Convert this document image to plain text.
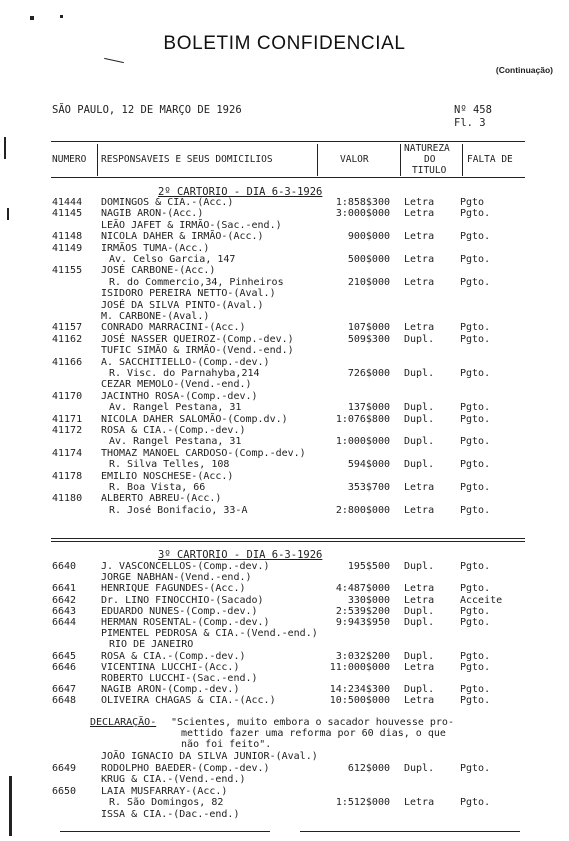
BOLETIM CONFIDENCIAL
(Continuação)
SÃO PAULO, 12 DE MARÇO DE 1926	Nº 458
Fl. 3
NUMERO RESPONSAVEIS E SEUS DOMICILIOS	VALOR
NATUREZA
DO
TITULO
FALTA DE
2º CARTORIO - DIA 6-3-1926
41444 DOMINGOS & CIA.-(Acc.)	1:858$300 Letra	Pgto
41145 NAGIB ARON-(Acc.)	3:000$000 Letra	Pgto.
LEÃO JAFET & IRMÃO-(Sac.-end.)
41148 NICOLA DAHER & IRMÃO-(Acc.)	900$000 Letra	Pgto.
41149 IRMÃOS TUMA-(Acc.)
Av. Celso Garcia, 147	500$000 Letra	Pgto.
41155 JOSÉ CARBONE-(Acc.)
R. do Commercio,34, Pinheiros	210$000 Letra	Pgto.
ISIDORO PEREIRA NETTO-(Aval.)
JOSÉ DA SILVA PINTO-(Aval.)
M. CARBONE-(Aval.)
41157 CONRADO MARRACINI-(Acc.)	107$000 Letra	Pgto.
41162 JOSÉ NASSER QUEIROZ-(Comp.-dev.)	509$300 Dupl.	Pgto.
TUFIC SIMÃO & IRMÃO-(Vend.-end.)
41166 A. SACCHITIELLO-(Comp.-dev.)
R. Visc. do Parnahyba,214	726$000 Dupl.	Pgto.
CEZAR MEMOLO-(Vend.-end.)
41170 JACINTHO ROSA-(Comp.-dev.)
Av. Rangel Pestana, 31	137$000 Dupl.	Pgto.
41171 NICOLA DAHER SALOMÃO-(Comp.dv.)	1:076$800 Dupl.	Pgto.
41172 ROSA & CIA.-(Comp.-dev.)
Av. Rangel Pestana, 31	1:000$000 Dupl.	Pgto.
41174 THOMAZ MANOEL CARDOSO-(Comp.-dev.)
R. Silva Telles, 108	594$000 Dupl.	Pgto.
41178 EMILIO NOSCHESE-(Acc.)
R. Boa Vista, 66	353$700 Letra	Pgto.
41180 ALBERTO ABREU-(Acc.)
R. José Bonifacio, 33-A	2:800$000 Letra	Pgto.
3º CARTORIO - DIA 6-3-1926
6640 J. VASCONCELLOS-(Comp.-dev.)	195$500 Dupl.	Pgto.
JORGE NABHAN-(Vend.-end.)
6641 HENRIQUE FAGUNDES-(Acc.)	4:487$000 Letra	Pgto.
6642 Dr. LINO FINOCCHIO-(Sacado)	330$000 Letra	Acceite
6643 EDUARDO NUNES-(Comp.-dev.)	2:539$200 Dupl.	Pgto.
6644 HERMAN ROSENTAL-(Comp.-dev.)	9:943$950 Dupl.	Pgto.
PIMENTEL PEDROSA & CIA.-(Vend.-end.)
RIO DE JANEIRO
6645 ROSA & CIA.-(Comp.-dev.)	3:032$200 Dupl.	Pgto.
6646 VICENTINA LUCCHI-(Acc.)	11:000$000 Letra	Pgto.
ROBERTO LUCCHI-(Sac.-end.)
6647 NAGIB ARON-(Comp.-dev.)	14:234$300 Dupl.	Pgto.
6648 OLIVEIRA CHAGAS & CIA.-(Acc.)	10:500$000 Letra	Pgto.
DECLARAÇÃO- "Scientes, muito embora o sacador houvesse pro-
mettido fazer uma reforma por 60 dias, o que
não foi feito".
JOÃO IGNACIO DA SILVA JUNIOR-(Aval.)
6649 RODOLPHO BAEDER-(Comp.-dev.)	612$000 Dupl.	Pgto.
KRUG & CIA.-(Vend.-end.)
6650 LAIA MUSFARRAY-(Acc.)
R. São Domingos, 82	1:512$000 Letra	Pgto.
ISSA & CIA.-(Dac.-end.)
